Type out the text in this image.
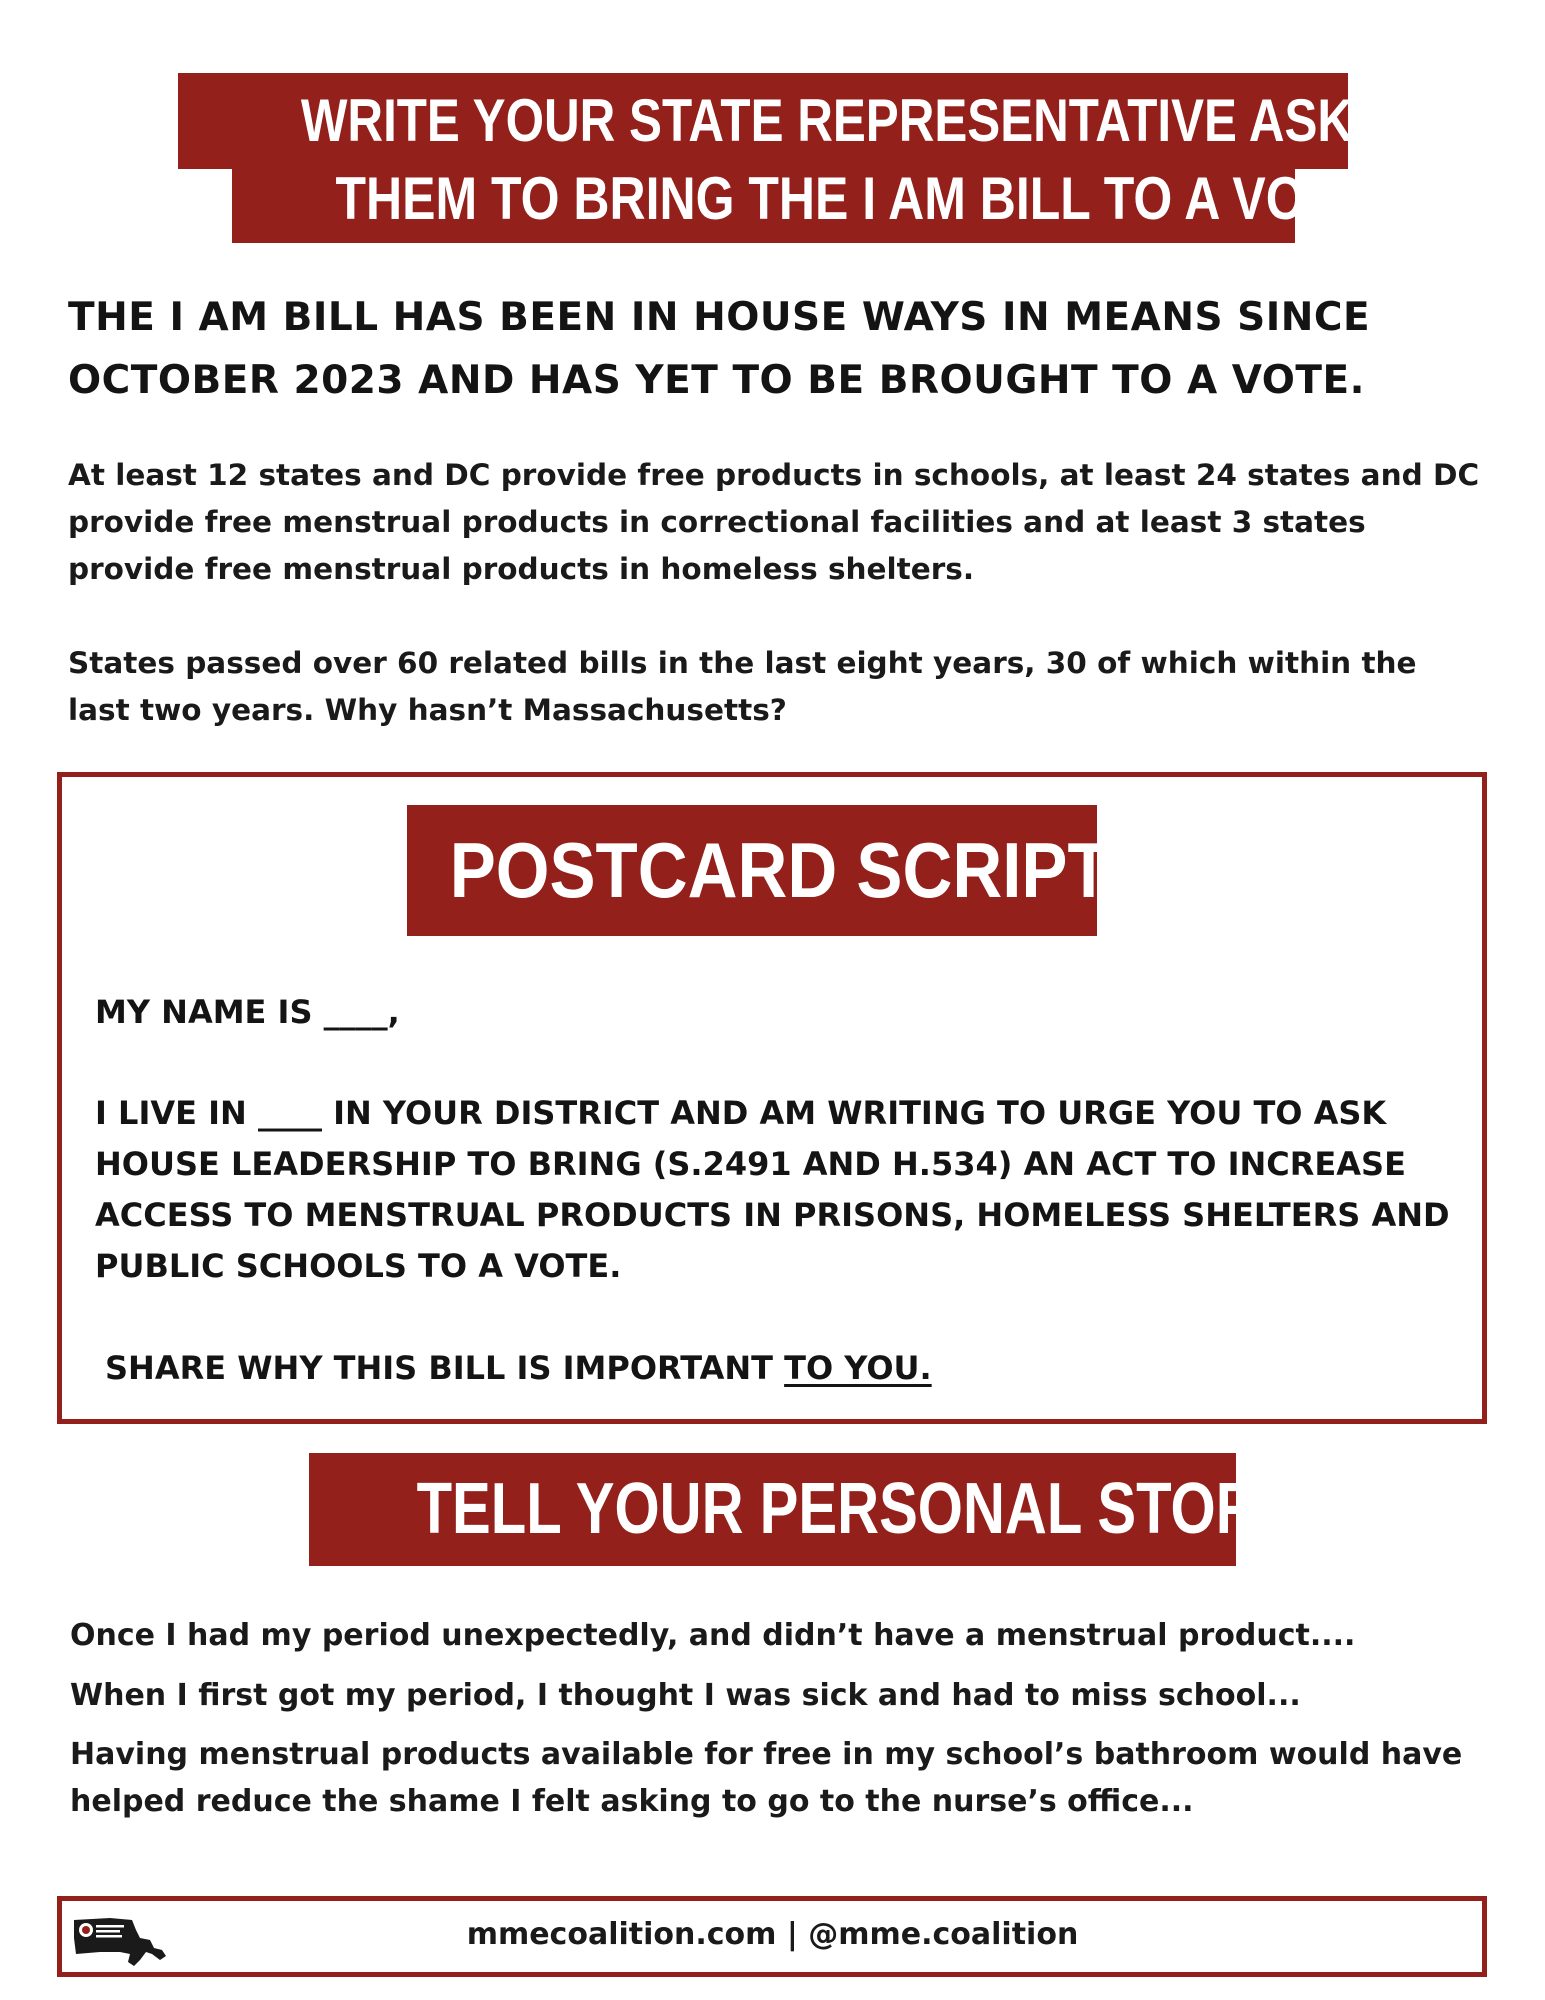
WRITE YOUR STATE REPRESENTATIVE ASKING
THEM TO BRING THE I AM BILL TO A VOTE
THE I AM BILL HAS BEEN IN HOUSE WAYS IN MEANS SINCE OCTOBER 2023 AND HAS YET TO BE BROUGHT TO A VOTE.
At least 12 states and DC provide free products in schools, at least 24 states and DC provide free menstrual products in correctional facilities and at least 3 states provide free menstrual products in homeless shelters.
States passed over 60 related bills in the last eight years, 30 of which within the last two years. Why hasn’t Massachusetts?
POSTCARD SCRIPT
MY NAME IS ____,
I LIVE IN ____ IN YOUR DISTRICT AND AM WRITING TO URGE YOU TO ASK HOUSE LEADERSHIP TO BRING (S.2491 AND H.534) AN ACT TO INCREASE ACCESS TO MENSTRUAL PRODUCTS IN PRISONS, HOMELESS SHELTERS AND PUBLIC SCHOOLS TO A VOTE.
SHARE WHY THIS BILL IS IMPORTANT TO YOU.
TELL YOUR PERSONAL STORY!
Once I had my period unexpectedly, and didn’t have a menstrual product....
When I first got my period, I thought I was sick and had to miss school...
Having menstrual products available for free in my school’s bathroom would have helped reduce the shame I felt asking to go to the nurse’s office...
mmecoalition.com | @mme.coalition
